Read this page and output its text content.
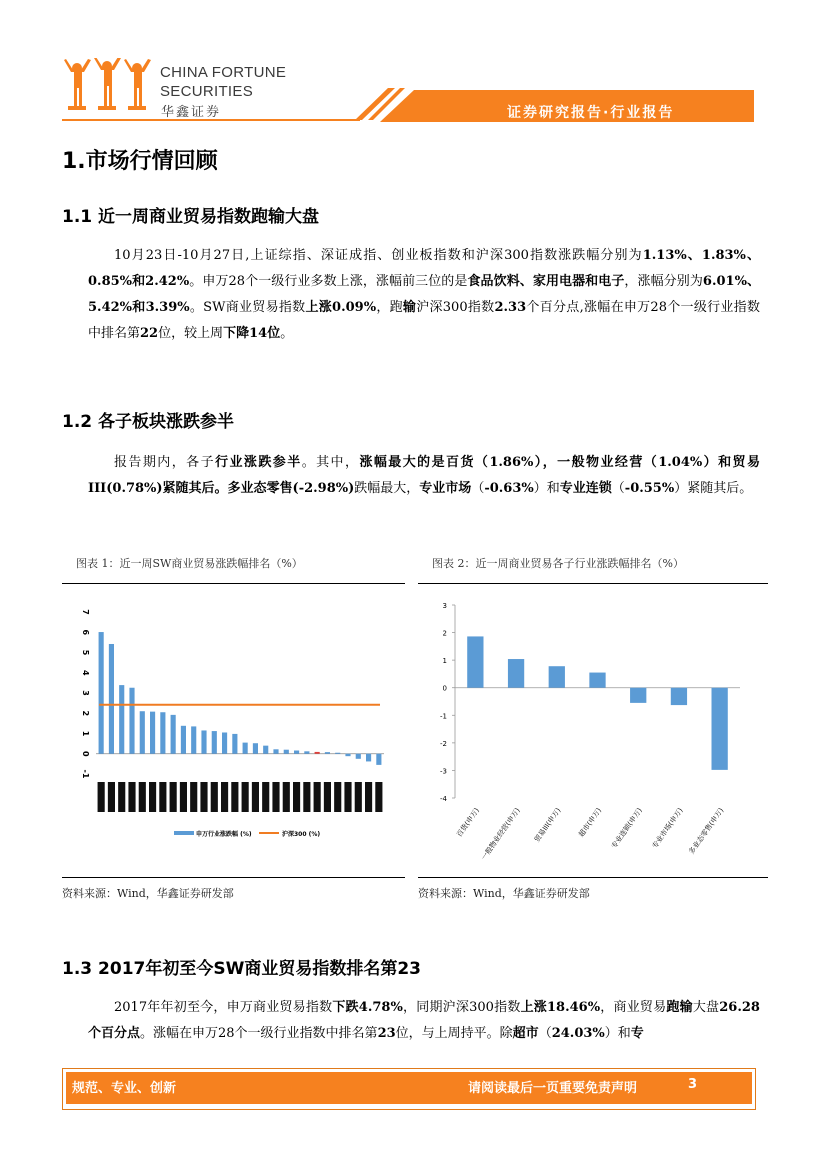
CHINA FORTUNE
SECURITIES
华鑫证券	证券研究报告·行业报告
1.市场行情回顾
1.1 近一周商业贸易指数跑输大盘
10月23日-10月27日,上证综指、深证成指、创业板指数和沪深300指数涨跌幅分别为1.13%、1.83%、0.85%和2.42%。申万28个一级行业多数上涨，涨幅前三位的是食品饮料、家用电器和电子，涨幅分别为6.01%、5.42%和3.39%。SW商业贸易指数上涨0.09%，跑输沪深300指数2.33个百分点,涨幅在申万28个一级行业指数中排名第22位，较上周下降14位。
1.2 各子板块涨跌参半
报告期内，各子行业涨跌参半。其中，涨幅最大的是百货（1.86%），一般物业经营（1.04%）和贸易III(0.78%)紧随其后。多业态零售(-2.98%)跌幅最大，专业市场（-0.63%）和专业连锁（-0.55%）紧随其后。
图表 1：近一周SW商业贸易涨跌幅排名（%）
7
6
5
4
3
2
1
0
-1
申万行业涨跌幅 (%)	沪深300 (%)
资料来源：Wind，华鑫证券研发部
图表 2：近一周商业贸易各子行业涨跌幅排名（%）
3
2
1
0
-1
-2
-3
-4
百货(申万)
一般物业经营(申万) 贸易III(申万) 超市(申万) 专业连锁(申万) 专业市场(申万) 多业态零售(申万)
资料来源：Wind，华鑫证券研发部
1.3 2017年初至今SW商业贸易指数排名第23
2017年年初至今，申万商业贸易指数下跌4.78%，同期沪深300指数上涨18.46%，商业贸易跑输大盘26.28个百分点。涨幅在申万28个一级行业指数中排名第23位，与上周持平。除超市（24.03%）和专
规范、专业、创新	请阅读最后一页重要免责声明	3
